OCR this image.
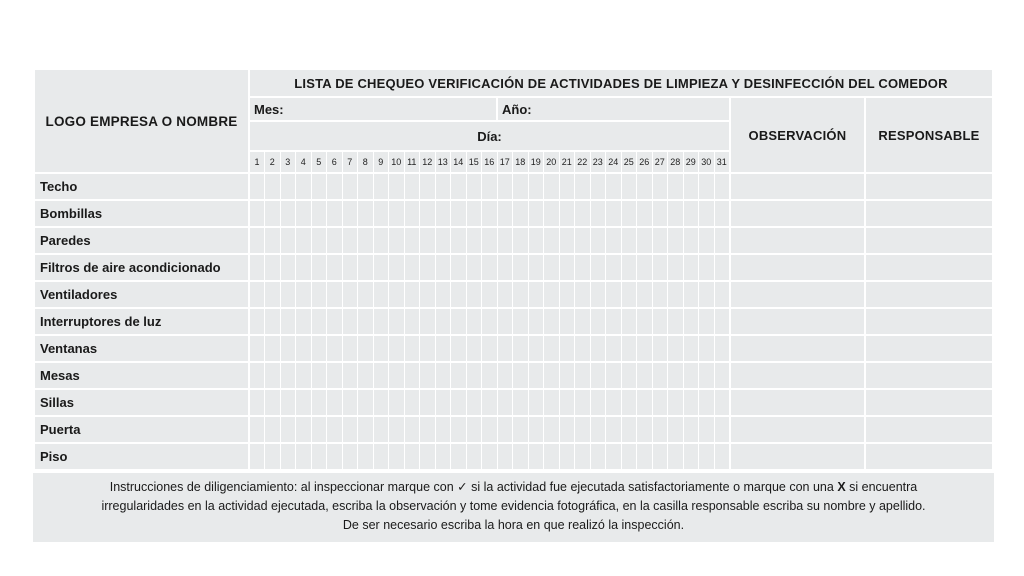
LOGO EMPRESA O NOMBRE	LISTA DE CHEQUEO VERIFICACIÓN DE ACTIVIDADES DE LIMPIEZA Y DESINFECCIÓN DEL COMEDOR																																
	Mes:																Año:															OBSERVACIÓN	RESPONSABLE
	Día:																																
	1	2	3	4	5	6	7	8	9	10	11	12	13	14	15	16	17	18	19	20	21	22	23	24	25	26	27	28	29	30	31		
Techo																																	
Bombillas																																	
Paredes																																	
Filtros de aire acondicionado																																	
Ventiladores																																	
Interruptores de luz																																	
Ventanas																																	
Mesas																																	
Sillas																																	
Puerta																																	
Piso																																	
Instrucciones de diligenciamiento: al inspeccionar marque con ✓ si la actividad fue ejecutada satisfactoriamente o marque con una X si encuentra
irregularidades en la actividad ejecutada, escriba la observación y tome evidencia fotográfica, en la casilla responsable escriba su nombre y apellido.
De ser necesario escriba la hora en que realizó la inspección.
